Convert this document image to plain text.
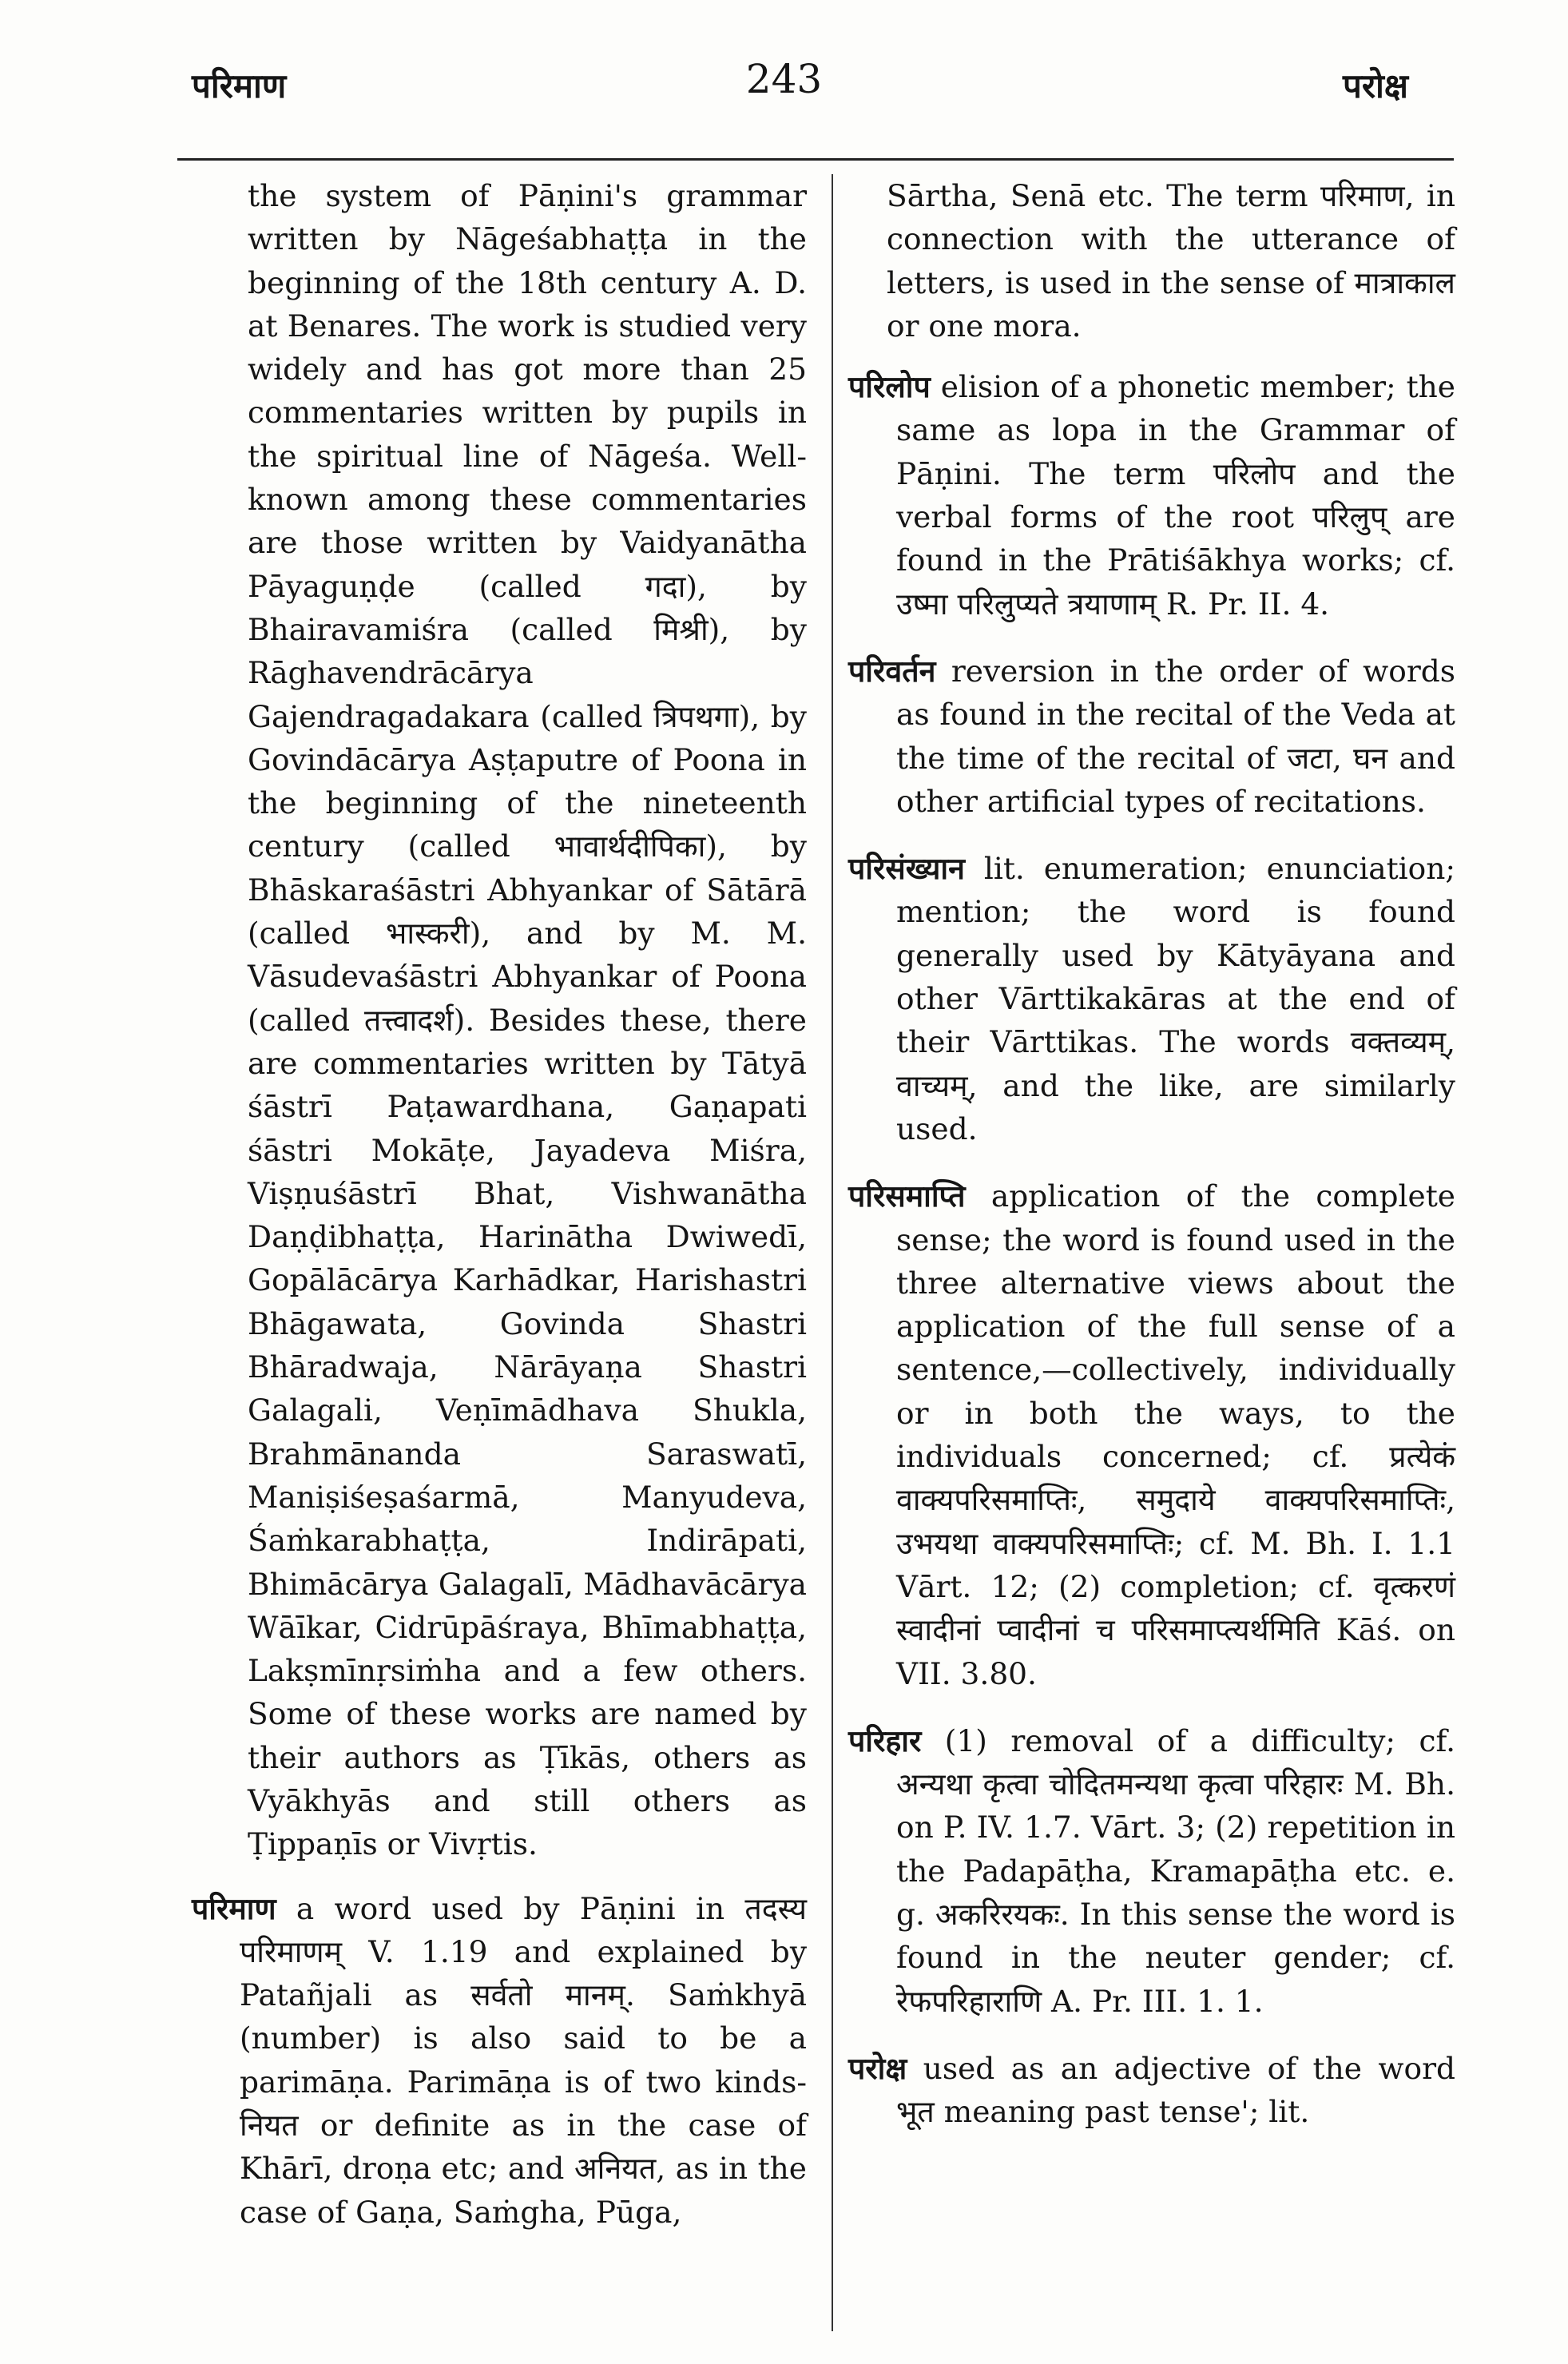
परिमाण	243	परोक्ष

the system of Pāṇini's grammar written by Nāgeśabhaṭṭa in the beginning of the 18th century A. D. at Benares. The work is studied very widely and has got more than 25 commentaries written by pupils in the spiritual line of Nāgeśa. Well-known among these commentaries are those written by Vaidyanātha Pāyaguṇḍe (called गदा), by Bhairavamiśra (called मिश्री), by Rāghavendrācārya Gajendragadakara (called त्रिपथगा), by Govindācārya Aṣṭaputre of Poona in the beginning of the nineteenth century (called भावार्थदीपिका), by Bhāskaraśāstri Abhyankar of Sātārā (called भास्करी), and by M. M. Vāsudevaśāstri Abhyankar of Poona (called तत्त्वादर्श). Besides these, there are commentaries written by Tātyā śāstrī Paṭawardhana, Gaṇapati śāstri Mokāṭe, Jayadeva Miśra, Viṣṇuśāstrī Bhat, Vishwanātha Daṇḍibhaṭṭa, Harinātha Dwiwedī, Gopālācārya Karhādkar, Harishastri Bhāgawata, Govinda Shastri Bhāradwaja, Nārāyaṇa Shastri Galagali, Veṇīmādhava Shukla, Brahmānanda Saraswatī, Maniṣiśeṣaśarmā, Manyudeva, Śaṁkarabhaṭṭa, Indirāpati, Bhimācārya Galagalī, Mādhavācārya Wāīkar, Cidrūpāśraya, Bhīmabhaṭṭa, Lakṣmīnṛsiṁha and a few others. Some of these works are named by their authors as Ṭīkās, others as Vyākhyās and still others as Ṭippaṇīs or Vivṛtis.

परिमाण a word used by Pāṇini in तदस्य परिमाणम् V. 1.19 and explained by Patañjali as सर्वतो मानम्. Saṁkhyā (number) is also said to be a parimāṇa. Parimāṇa is of two kinds- नियत or definite as in the case of Khārī, droṇa etc; and अनियत, as in the case of Gaṇa, Saṁgha, Pūga,

Sārtha, Senā etc. The term परिमाण, in connection with the utterance of letters, is used in the sense of मात्राकाल or one mora.

परिलोप elision of a phonetic member; the same as lopa in the Grammar of Pāṇini. The term परिलोप and the verbal forms of the root परिलुप् are found in the Prātiśākhya works; cf. उष्मा परिलुप्यते त्रयाणाम् R. Pr. II. 4.

परिवर्तन reversion in the order of words as found in the recital of the Veda at the time of the recital of जटा, घन and other artificial types of recitations.

परिसंख्यान lit. enumeration; enunciation; mention; the word is found generally used by Kātyāyana and other Vārttikakāras at the end of their Vārttikas. The words वक्तव्यम्, वाच्यम्, and the like, are similarly used.

परिसमाप्ति application of the complete sense; the word is found used in the three alternative views about the application of the full sense of a sentence,—collectively, individually or in both the ways, to the individuals concerned; cf. प्रत्येकं वाक्यपरिसमाप्तिः, समुदाये वाक्यपरिसमाप्तिः, उभयथा वाक्यपरिसमाप्तिः; cf. M. Bh. I. 1.1 Vārt. 12; (2) completion; cf. वृत्करणं स्वादीनां प्वादीनां च परिसमाप्त्यर्थमिति Kāś. on VII. 3.80.

परिहार (1) removal of a difficulty; cf. अन्यथा कृत्वा चोदितमन्यथा कृत्वा परिहारः M. Bh. on P. IV. 1.7. Vārt. 3; (2) repetition in the Padapāṭha, Kramapāṭha etc. e. g. अकरिरयकः. In this sense the word is found in the neuter gender; cf. रेफपरिहाराणि A. Pr. III. 1. 1.

परोक्ष used as an adjective of the word भूत meaning past tense'; lit.
